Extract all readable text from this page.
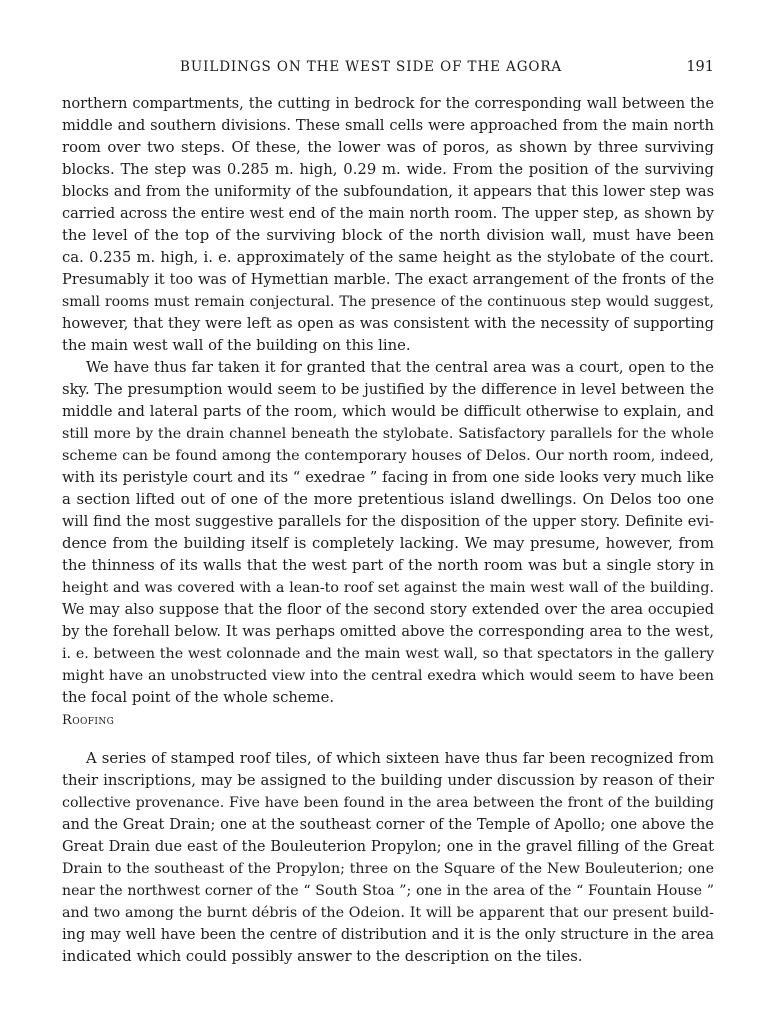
BUILDINGS ON THE WEST SIDE OF THE AGORA	191
northern compartments, the cutting in bedrock for the corresponding wall between the
middle and southern divisions. These small cells were approached from the main north
room over two steps. Of these, the lower was of poros, as shown by three surviving
blocks. The step was 0.285 m. high, 0.29 m. wide. From the position of the surviving
blocks and from the uniformity of the subfoundation, it appears that this lower step was
carried across the entire west end of the main north room. The upper step, as shown by
the level of the top of the surviving block of the north division wall, must have been
ca. 0.235 m. high, i. e. approximately of the same height as the stylobate of the court.
Presumably it too was of Hymettian marble. The exact arrangement of the fronts of the
small rooms must remain conjectural. The presence of the continuous step would suggest,
however, that they were left as open as was consistent with the necessity of supporting
the main west wall of the building on this line.
We have thus far taken it for granted that the central area was a court, open to the
sky. The presumption would seem to be justified by the difference in level between the
middle and lateral parts of the room, which would be difficult otherwise to explain, and
still more by the drain channel beneath the stylobate. Satisfactory parallels for the whole
scheme can be found among the contemporary houses of Delos. Our north room, indeed,
with its peristyle court and its “ exedrae ” facing in from one side looks very much like
a section lifted out of one of the more pretentious island dwellings. On Delos too one
will find the most suggestive parallels for the disposition of the upper story. Definite evi-
dence from the building itself is completely lacking. We may presume, however, from
the thinness of its walls that the west part of the north room was but a single story in
height and was covered with a lean-to roof set against the main west wall of the building.
We may also suppose that the floor of the second story extended over the area occupied
by the forehall below. It was perhaps omitted above the corresponding area to the west,
i. e. between the west colonnade and the main west wall, so that spectators in the gallery
might have an unobstructed view into the central exedra which would seem to have been
the focal point of the whole scheme.
Roofing
A series of stamped roof tiles, of which sixteen have thus far been recognized from
their inscriptions, may be assigned to the building under discussion by reason of their
collective provenance. Five have been found in the area between the front of the building
and the Great Drain; one at the southeast corner of the Temple of Apollo; one above the
Great Drain due east of the Bouleuterion Propylon; one in the gravel filling of the Great
Drain to the southeast of the Propylon; three on the Square of the New Bouleuterion; one
near the northwest corner of the “ South Stoa ”; one in the area of the “ Fountain House ”
and two among the burnt débris of the Odeion. It will be apparent that our present build-
ing may well have been the centre of distribution and it is the only structure in the area
indicated which could possibly answer to the description on the tiles.
